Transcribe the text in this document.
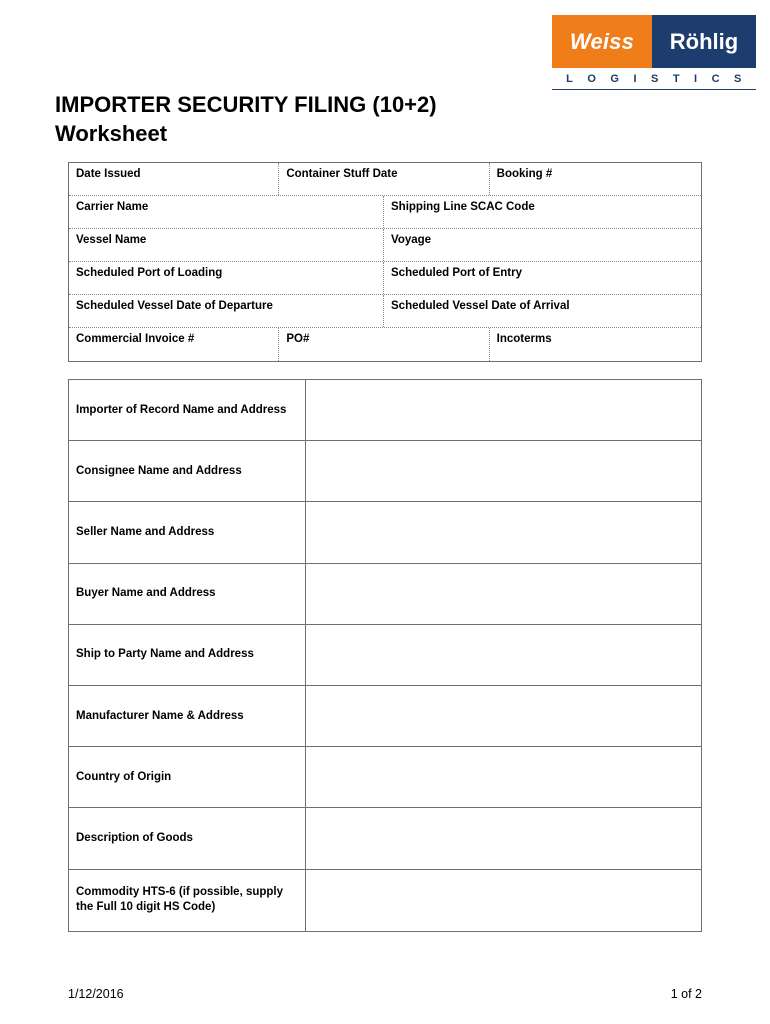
Weiss	Röhlig
LOGISTICS
IMPORTER SECURITY FILING (10+2)
Worksheet
Date Issued	Container Stuff Date	Booking #
Carrier Name	Shipping Line SCAC Code
Vessel Name	Voyage
Scheduled Port of Loading	Scheduled Port of Entry
Scheduled Vessel Date of Departure	Scheduled Vessel Date of Arrival
Commercial Invoice #	PO#	Incoterms
Importer of Record Name and Address
Consignee Name and Address
Seller Name and Address
Buyer Name and Address
Ship to Party Name and Address
Manufacturer Name & Address
Country of Origin
Description of Goods
Commodity HTS-6 (if possible, supply the Full 10 digit HS Code)
1/12/2016	1 of 2
